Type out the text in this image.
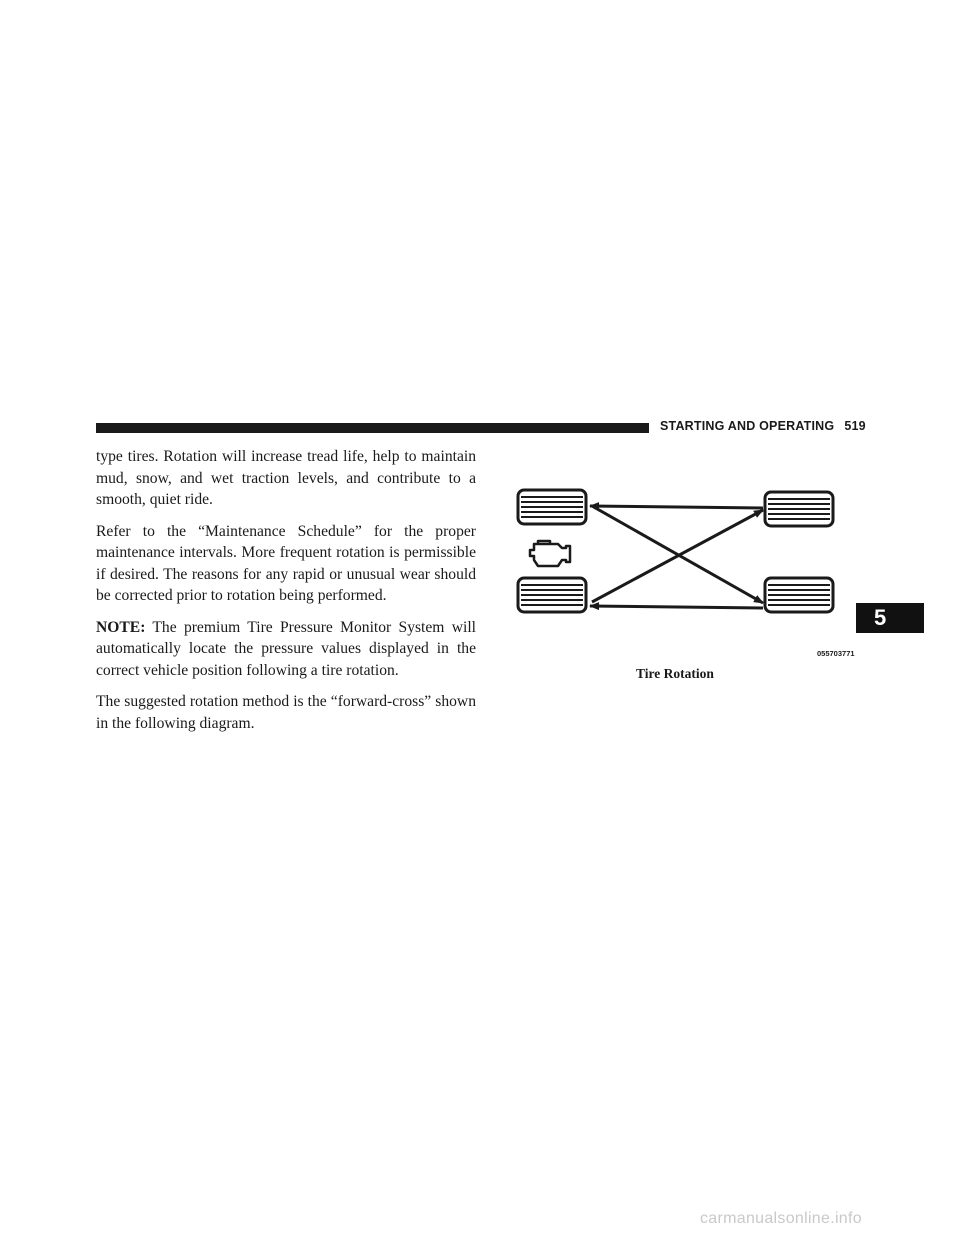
STARTING AND OPERATING 519

type tires. Rotation will increase tread life, help to maintain mud, snow, and wet traction levels, and contribute to a smooth, quiet ride.

Refer to the “Maintenance Schedule” for the proper maintenance intervals. More frequent rotation is permissible if desired. The reasons for any rapid or unusual wear should be corrected prior to rotation being performed.

NOTE: The premium Tire Pressure Monitor System will automatically locate the pressure values displayed in the correct vehicle position following a tire rotation.

The suggested rotation method is the “forward-cross” shown in the following diagram.

055703771
Tire Rotation
5
carmanualsonline.info
